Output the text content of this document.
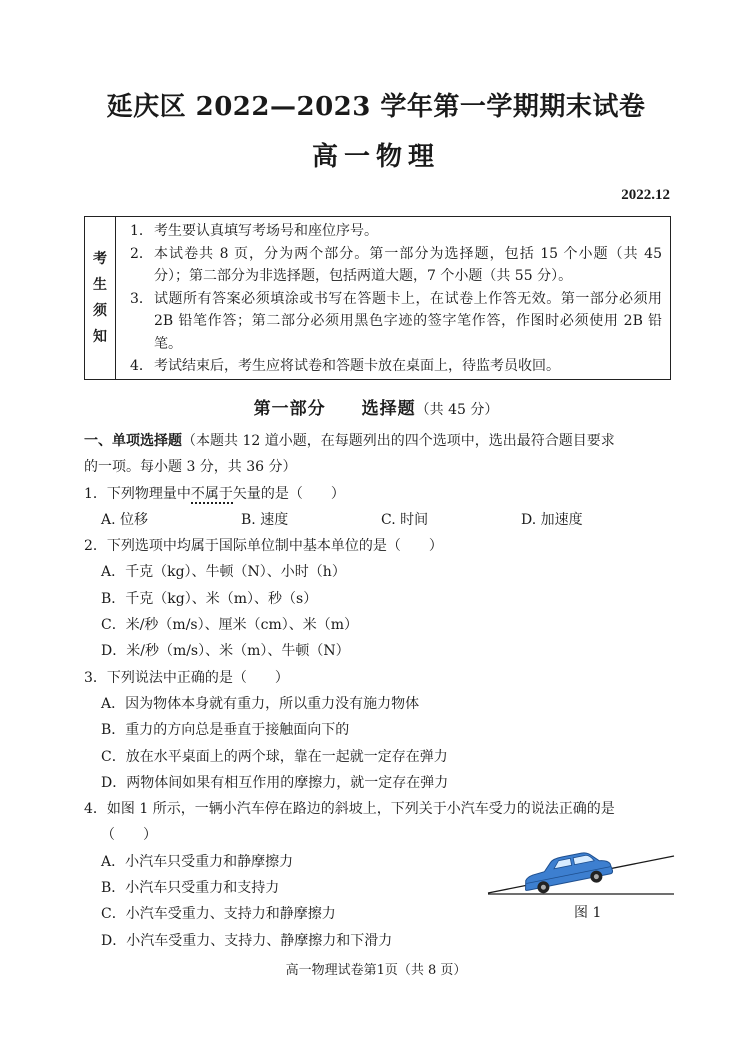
延庆区 2022—2023 学年第一学期期末试卷
高一物理
2022.12
考
生
须
知
1． 考生要认真填写考场号和座位序号。
2． 本试卷共 8 页，分为两个部分。第一部分为选择题，包括 15 个小题（共 45 分）；第二部分为非选择题，包括两道大题，7 个小题（共 55 分）。
3． 试题所有答案必须填涂或书写在答题卡上，在试卷上作答无效。第一部分必须用 2B 铅笔作答；第二部分必须用黑色字迹的签字笔作答，作图时必须使用 2B 铅笔。
4． 考试结束后，考生应将试卷和答题卡放在桌面上，待监考员收回。
第一部分 选择题（共 45 分）
一、单项选择题（本题共 12 道小题，在每题列出的四个选项中，选出最符合题目要求
的一项。每小题 3 分，共 36 分）
1．下列物理量中不属于矢量的是（　　）
A. 位移	B. 速度	C. 时间	D. 加速度
2．下列选项中均属于国际单位制中基本单位的是（　　）
A．千克（kg）、牛顿（N）、小时（h）
B．千克（kg）、米（m）、秒（s）
C．米/秒（m/s）、厘米（cm）、米（m）
D．米/秒（m/s）、米（m）、牛顿（N）
3．下列说法中正确的是（　　）
A．因为物体本身就有重力，所以重力没有施力物体
B．重力的方向总是垂直于接触面向下的
C．放在水平桌面上的两个球，靠在一起就一定存在弹力
D．两物体间如果有相互作用的摩擦力，就一定存在弹力
4．如图 1 所示，一辆小汽车停在路边的斜坡上，下列关于小汽车受力的说法正确的是
（　　）
A．小汽车只受重力和静摩擦力
B．小汽车只受重力和支持力
C．小汽车受重力、支持力和静摩擦力
D．小汽车受重力、支持力、静摩擦力和下滑力
图 1
高一物理试卷第1页（共 8 页）
